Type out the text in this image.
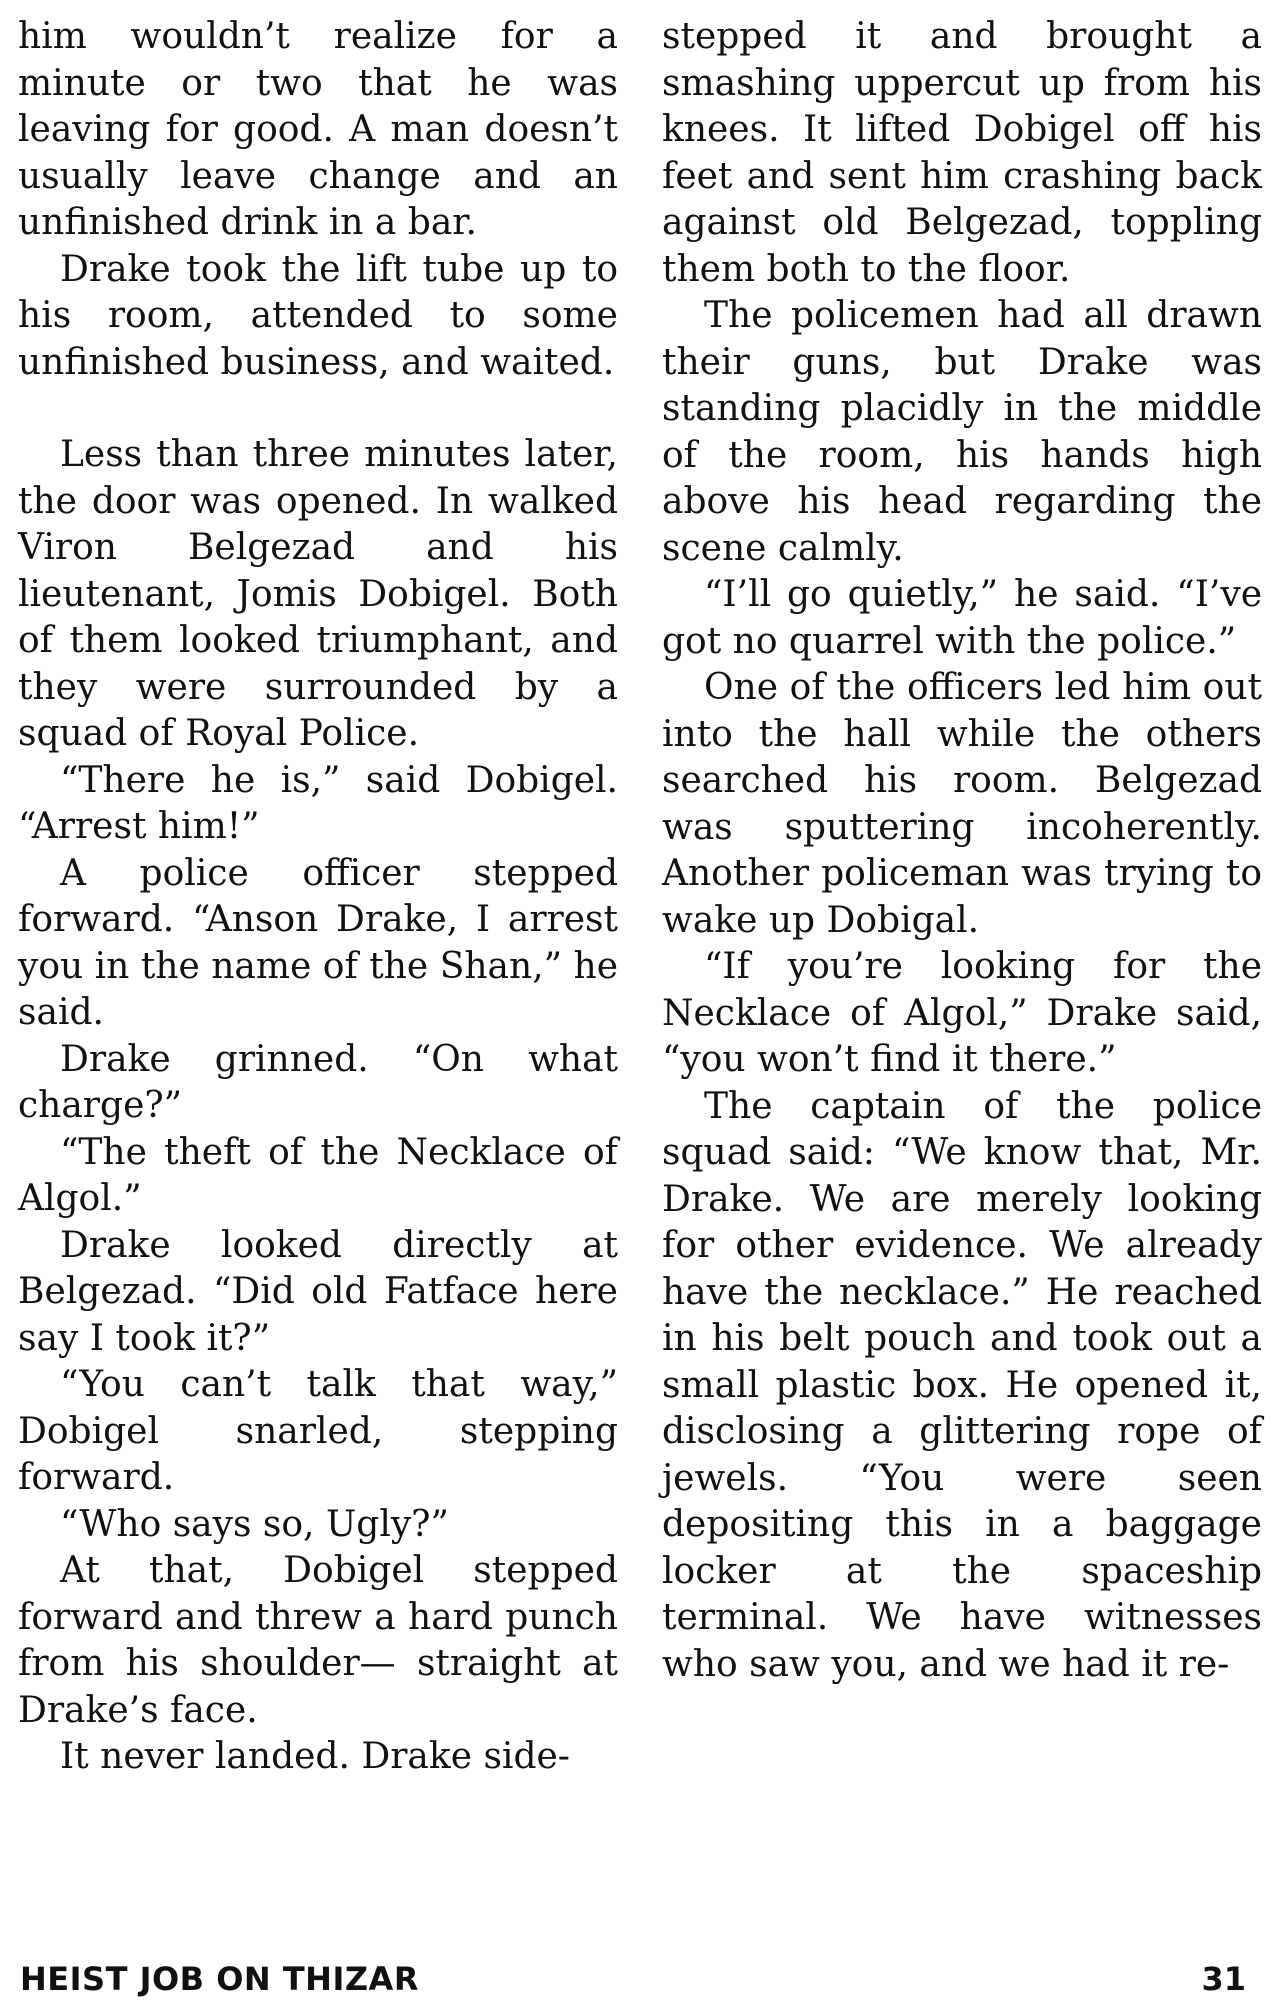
him wouldn’t realize for a minute or two that he was leaving for good. A man doesn’t usually leave change and an unfinished drink in a bar.

Drake took the lift tube up to his room, attended to some unfinished business, and waited.

Less than three minutes later, the door was opened. In walked Viron Belgezad and his lieutenant, Jomis Dobigel. Both of them looked triumphant, and they were surrounded by a squad of Royal Police.

“There he is,” said Dobigel. “Arrest him!”

A police officer stepped forward. “Anson Drake, I arrest you in the name of the Shan,” he said.

Drake grinned. “On what charge?”

“The theft of the Necklace of Algol.”

Drake looked directly at Belgezad. “Did old Fatface here say I took it?”

“You can’t talk that way,” Dobigel snarled, stepping forward.

“Who says so, Ugly?”

At that, Dobigel stepped forward and threw a hard punch from his shoulder— straight at Drake’s face.

It never landed. Drake side-

stepped it and brought a smashing uppercut up from his knees. It lifted Dobigel off his feet and sent him crashing back against old Belgezad, toppling them both to the floor.

The policemen had all drawn their guns, but Drake was standing placidly in the middle of the room, his hands high above his head regarding the scene calmly.

“I’ll go quietly,” he said. “I’ve got no quarrel with the police.”

One of the officers led him out into the hall while the others searched his room. Belgezad was sputtering incoherently. Another policeman was trying to wake up Dobigal.

“If you’re looking for the Necklace of Algol,” Drake said, “you won’t find it there.”

The captain of the police squad said: “We know that, Mr. Drake. We are merely looking for other evidence. We already have the necklace.” He reached in his belt pouch and took out a small plastic box. He opened it, disclosing a glittering rope of jewels. “You were seen depositing this in a baggage locker at the spaceship terminal. We have witnesses who saw you, and we had it re-

HEIST JOB ON THIZAR	31
